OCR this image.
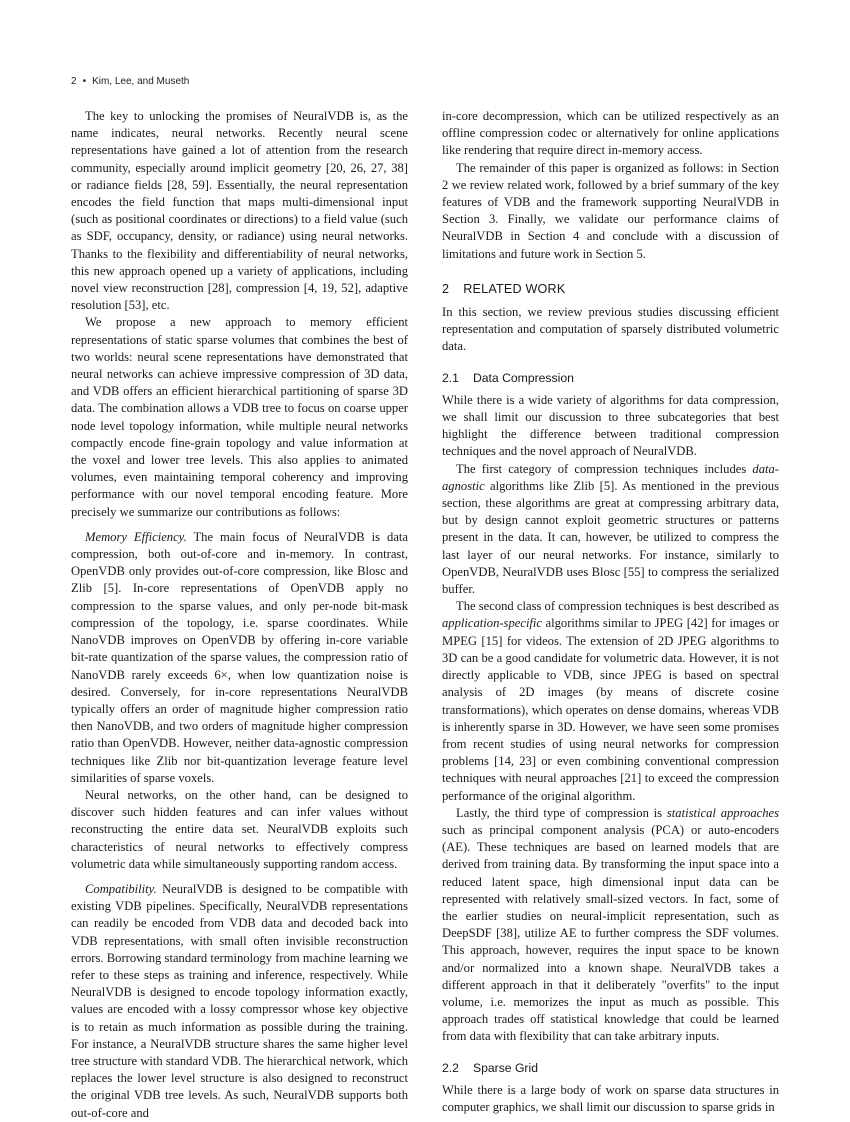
2 • Kim, Lee, and Museth

The key to unlocking the promises of NeuralVDB is, as the name indicates, neural networks. Recently neural scene representations have gained a lot of attention from the research community, especially around implicit geometry [20, 26, 27, 38] or radiance fields [28, 59]. Essentially, the neural representation encodes the field function that maps multi-dimensional input (such as positional coordinates or directions) to a field value (such as SDF, occupancy, density, or radiance) using neural networks. Thanks to the flexibility and differentiability of neural networks, this new approach opened up a variety of applications, including novel view reconstruction [28], compression [4, 19, 52], adaptive resolution [53], etc.

We propose a new approach to memory efficient representations of static sparse volumes that combines the best of two worlds: neural scene representations have demonstrated that neural networks can achieve impressive compression of 3D data, and VDB offers an efficient hierarchical partitioning of sparse 3D data. The combination allows a VDB tree to focus on coarse upper node level topology information, while multiple neural networks compactly encode fine-grain topology and value information at the voxel and lower tree levels. This also applies to animated volumes, even maintaining temporal coherency and improving performance with our novel temporal encoding feature. More precisely we summarize our contributions as follows:

Memory Efficiency. The main focus of NeuralVDB is data compression, both out-of-core and in-memory. In contrast, OpenVDB only provides out-of-core compression, like Blosc and Zlib [5]. In-core representations of OpenVDB apply no compression to the sparse values, and only per-node bit-mask compression of the topology, i.e. sparse coordinates. While NanoVDB improves on OpenVDB by offering in-core variable bit-rate quantization of the sparse values, the compression ratio of NanoVDB rarely exceeds 6×, when low quantization noise is desired. Conversely, for in-core representations NeuralVDB typically offers an order of magnitude higher compression ratio then NanoVDB, and two orders of magnitude higher compression ratio than OpenVDB. However, neither data-agnostic compression techniques like Zlib nor bit-quantization leverage feature level similarities of sparse voxels.

Neural networks, on the other hand, can be designed to discover such hidden features and can infer values without reconstructing the entire data set. NeuralVDB exploits such characteristics of neural networks to effectively compress volumetric data while simultaneously supporting random access.

Compatibility. NeuralVDB is designed to be compatible with existing VDB pipelines. Specifically, NeuralVDB representations can readily be encoded from VDB data and decoded back into VDB representations, with small often invisible reconstruction errors. Borrowing standard terminology from machine learning we refer to these steps as training and inference, respectively. While NeuralVDB is designed to encode topology information exactly, values are encoded with a lossy compressor whose key objective is to retain as much information as possible during the training. For instance, a NeuralVDB structure shares the same higher level tree structure with standard VDB. The hierarchical network, which replaces the lower level structure is also designed to reconstruct the original VDB tree levels. As such, NeuralVDB supports both out-of-core and

in-core decompression, which can be utilized respectively as an offline compression codec or alternatively for online applications like rendering that require direct in-memory access.

The remainder of this paper is organized as follows: in Section 2 we review related work, followed by a brief summary of the key features of VDB and the framework supporting NeuralVDB in Section 3. Finally, we validate our performance claims of NeuralVDB in Section 4 and conclude with a discussion of limitations and future work in Section 5.

2 RELATED WORK

In this section, we review previous studies discussing efficient representation and computation of sparsely distributed volumetric data.

2.1 Data Compression

While there is a wide variety of algorithms for data compression, we shall limit our discussion to three subcategories that best highlight the difference between traditional compression techniques and the novel approach of NeuralVDB.

The first category of compression techniques includes data-agnostic algorithms like Zlib [5]. As mentioned in the previous section, these algorithms are great at compressing arbitrary data, but by design cannot exploit geometric structures or patterns present in the data. It can, however, be utilized to compress the last layer of our neural networks. For instance, similarly to OpenVDB, NeuralVDB uses Blosc [55] to compress the serialized buffer.

The second class of compression techniques is best described as application-specific algorithms similar to JPEG [42] for images or MPEG [15] for videos. The extension of 2D JPEG algorithms to 3D can be a good candidate for volumetric data. However, it is not directly applicable to VDB, since JPEG is based on spectral analysis of 2D images (by means of discrete cosine transformations), which operates on dense domains, whereas VDB is inherently sparse in 3D. However, we have seen some promises from recent studies of using neural networks for compression problems [14, 23] or even combining conventional compression techniques with neural approaches [21] to exceed the compression performance of the original algorithm.

Lastly, the third type of compression is statistical approaches such as principal component analysis (PCA) or auto-encoders (AE). These techniques are based on learned models that are derived from training data. By transforming the input space into a reduced latent space, high dimensional input data can be represented with relatively small-sized vectors. In fact, some of the earlier studies on neural-implicit representation, such as DeepSDF [38], utilize AE to further compress the SDF volumes. This approach, however, requires the input space to be known and/or normalized into a known shape. NeuralVDB takes a different approach in that it deliberately "overfits" to the input volume, i.e. memorizes the input as much as possible. This approach trades off statistical knowledge that could be learned from data with flexibility that can take arbitrary inputs.

2.2 Sparse Grid

While there is a large body of work on sparse data structures in computer graphics, we shall limit our discussion to sparse grids in
